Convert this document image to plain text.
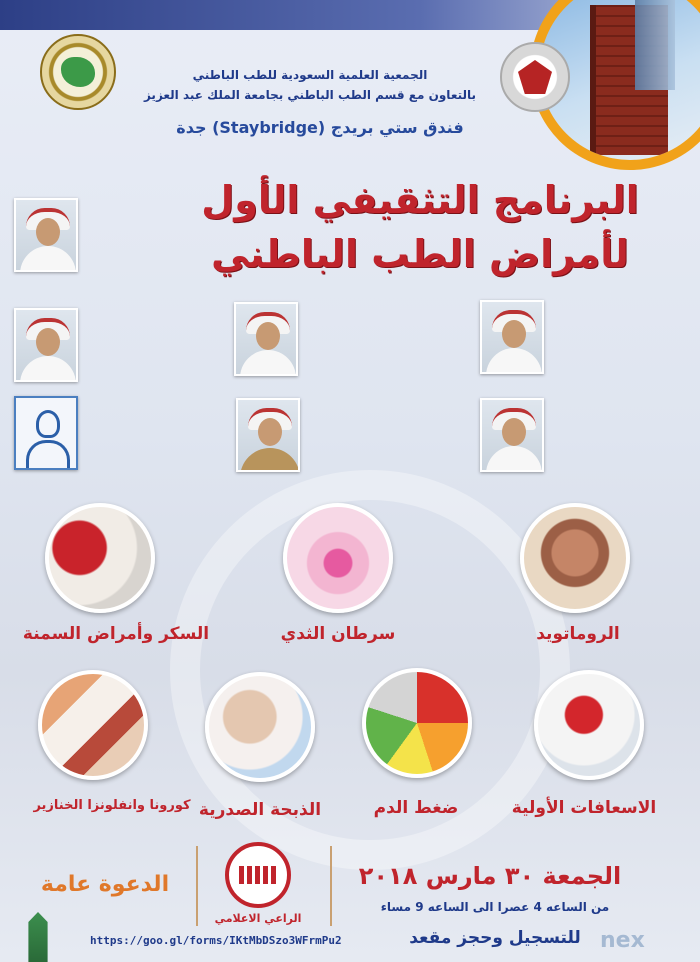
الجمعية العلمية السعودية للطب الباطني
بالتعاون مع قسم الطب الباطني بجامعة الملك عبد العزيز
فندق ستي بريدج (Staybridge) جدة
البرنامج التثقيفي الأول
لأمراض الطب الباطني
السكر وأمراض السمنة	سرطان الثدي	الروماتويد
كورونا وانفلونزا الخنازير الذبحة الصدرية	ضغط الدم	الاسعافات الأولية
الدعوة عامة
الراعي الاعلامي
الجمعة ٣٠ مارس ٢٠١٨
من الساعه 4 عصرا الى الساعه 9 مساء
للتسجيل وحجز مقعد
https://goo.gl/forms/IKtMbDSzo3WFrmPu2	nex
